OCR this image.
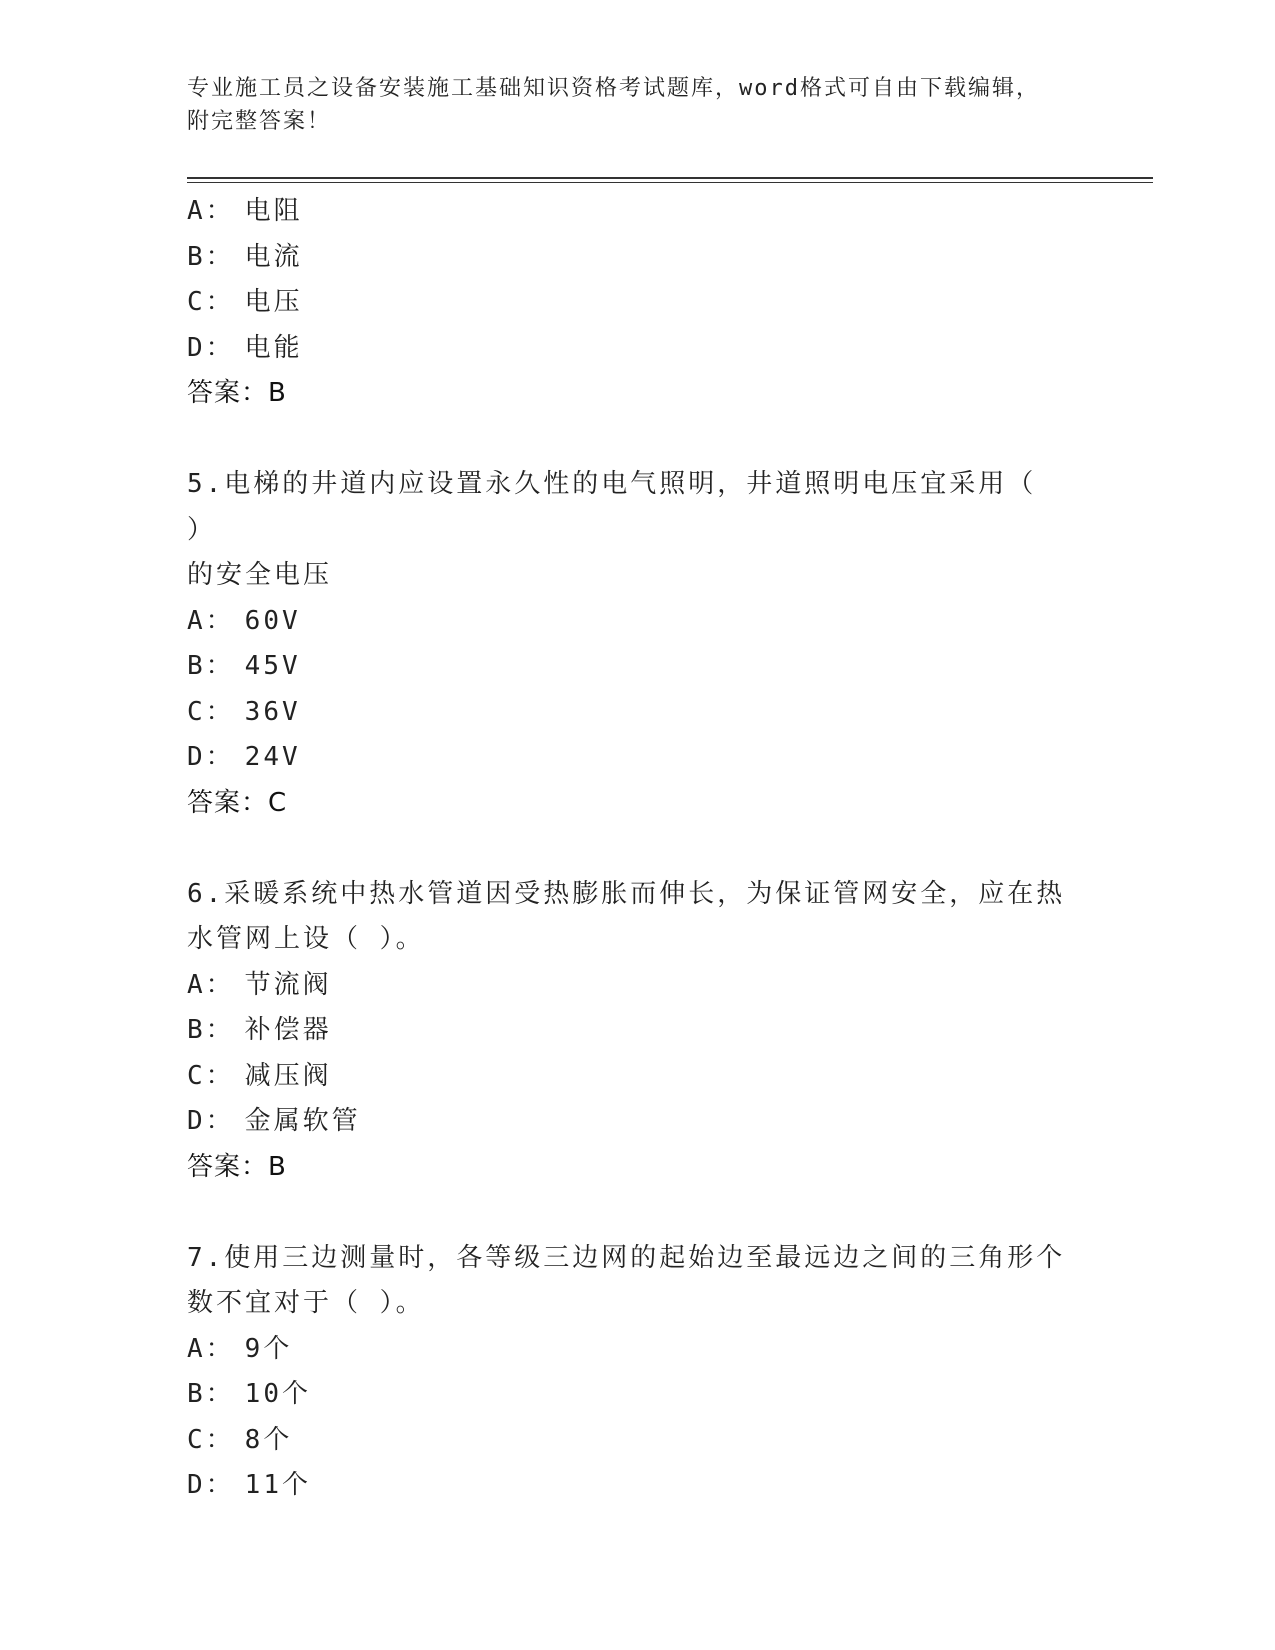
专业施工员之设备安装施工基础知识资格考试题库，word格式可自由下载编辑，
附完整答案！
A： 电阻
B： 电流
C： 电压
D： 电能
答案：B
5.电梯的井道内应设置永久性的电气照明，井道照明电压宜采用（ ）
的安全电压
A： 60V
B： 45V
C： 36V
D： 24V
答案：C
6.采暖系统中热水管道因受热膨胀而伸长，为保证管网安全，应在热
水管网上设（ ）。
A： 节流阀
B： 补偿器
C： 减压阀
D： 金属软管
答案：B
7.使用三边测量时，各等级三边网的起始边至最远边之间的三角形个
数不宜对于（ ）。
A： 9个
B： 10个
C： 8个
D： 11个
